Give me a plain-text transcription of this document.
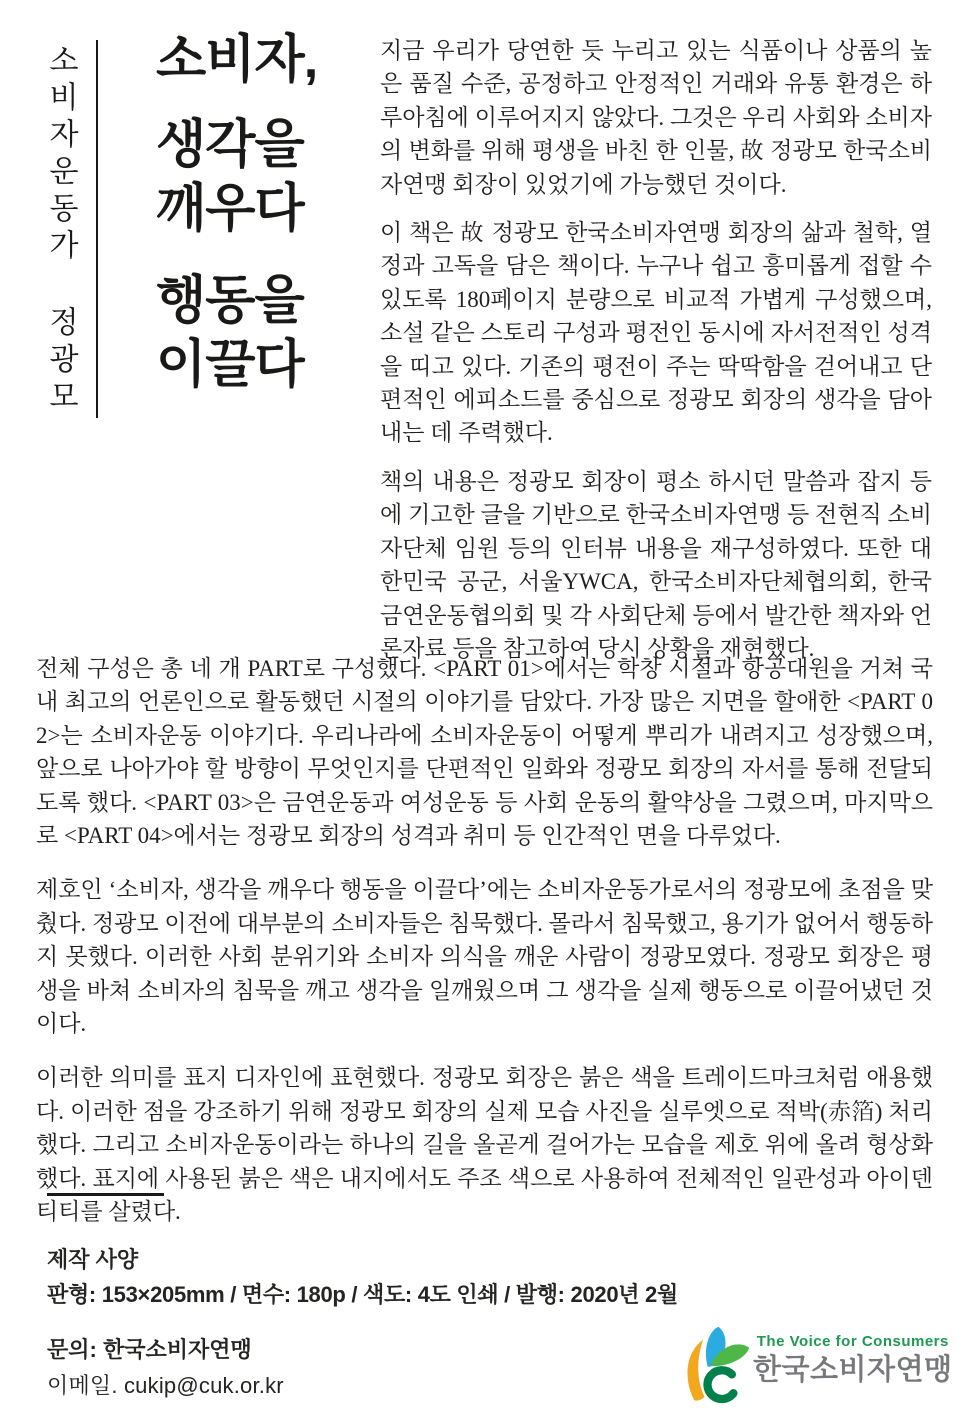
소비자운동가 정광모 소비자,
생각을
깨우다
행동을
이끌다

지금 우리가 당연한 듯 누리고 있는 식품이나 상품의 높은 품질 수준, 공정하고 안정적인 거래와 유통 환경은 하루아침에 이루어지지 않았다. 그것은 우리 사회와 소비자의 변화를 위해 평생을 바친 한 인물, 故 정광모 한국소비자연맹 회장이 있었기에 가능했던 것이다.

이 책은 故 정광모 한국소비자연맹 회장의 삶과 철학, 열정과 고독을 담은 책이다. 누구나 쉽고 흥미롭게 접할 수 있도록 180페이지 분량으로 비교적 가볍게 구성했으며, 소설 같은 스토리 구성과 평전인 동시에 자서전적인 성격을 띠고 있다. 기존의 평전이 주는 딱딱함을 걷어내고 단편적인 에피소드를 중심으로 정광모 회장의 생각을 담아내는 데 주력했다.

책의 내용은 정광모 회장이 평소 하시던 말씀과 잡지 등에 기고한 글을 기반으로 한국소비자연맹 등 전현직 소비자단체 임원 등의 인터뷰 내용을 재구성하였다. 또한 대한민국 공군, 서울YWCA, 한국소비자단체협의회, 한국금연운동협의회 및 각 사회단체 등에서 발간한 책자와 언론자료 등을 참고하여 당시 상황을 재현했다.

전체 구성은 총 네 개 PART로 구성했다. <PART 01>에서는 학창 시절과 항공대원을 거쳐 국내 최고의 언론인으로 활동했던 시절의 이야기를 담았다. 가장 많은 지면을 할애한 <PART 02>는 소비자운동 이야기다. 우리나라에 소비자운동이 어떻게 뿌리가 내려지고 성장했으며, 앞으로 나아가야 할 방향이 무엇인지를 단편적인 일화와 정광모 회장의 자서를 통해 전달되도록 했다. <PART 03>은 금연운동과 여성운동 등 사회 운동의 활약상을 그렸으며, 마지막으로 <PART 04>에서는 정광모 회장의 성격과 취미 등 인간적인 면을 다루었다.

제호인 ‘소비자, 생각을 깨우다 행동을 이끌다’에는 소비자운동가로서의 정광모에 초점을 맞췄다. 정광모 이전에 대부분의 소비자들은 침묵했다. 몰라서 침묵했고, 용기가 없어서 행동하지 못했다. 이러한 사회 분위기와 소비자 의식을 깨운 사람이 정광모였다. 정광모 회장은 평생을 바쳐 소비자의 침묵을 깨고 생각을 일깨웠으며 그 생각을 실제 행동으로 이끌어냈던 것이다.

이러한 의미를 표지 디자인에 표현했다. 정광모 회장은 붉은 색을 트레이드마크처럼 애용했다. 이러한 점을 강조하기 위해 정광모 회장의 실제 모습 사진을 실루엣으로 적박(赤箔) 처리했다. 그리고 소비자운동이라는 하나의 길을 올곧게 걸어가는 모습을 제호 위에 올려 형상화했다. 표지에 사용된 붉은 색은 내지에서도 주조 색으로 사용하여 전체적인 일관성과 아이덴티티를 살렸다.

제작 사양
판형: 153×205mm / 면수: 180p / 색도: 4도 인쇄 / 발행: 2020년 2월
문의: 한국소비자연맹
이메일. cukip@cuk.or.kr
The Voice for Consumers
한국소비자연맹
